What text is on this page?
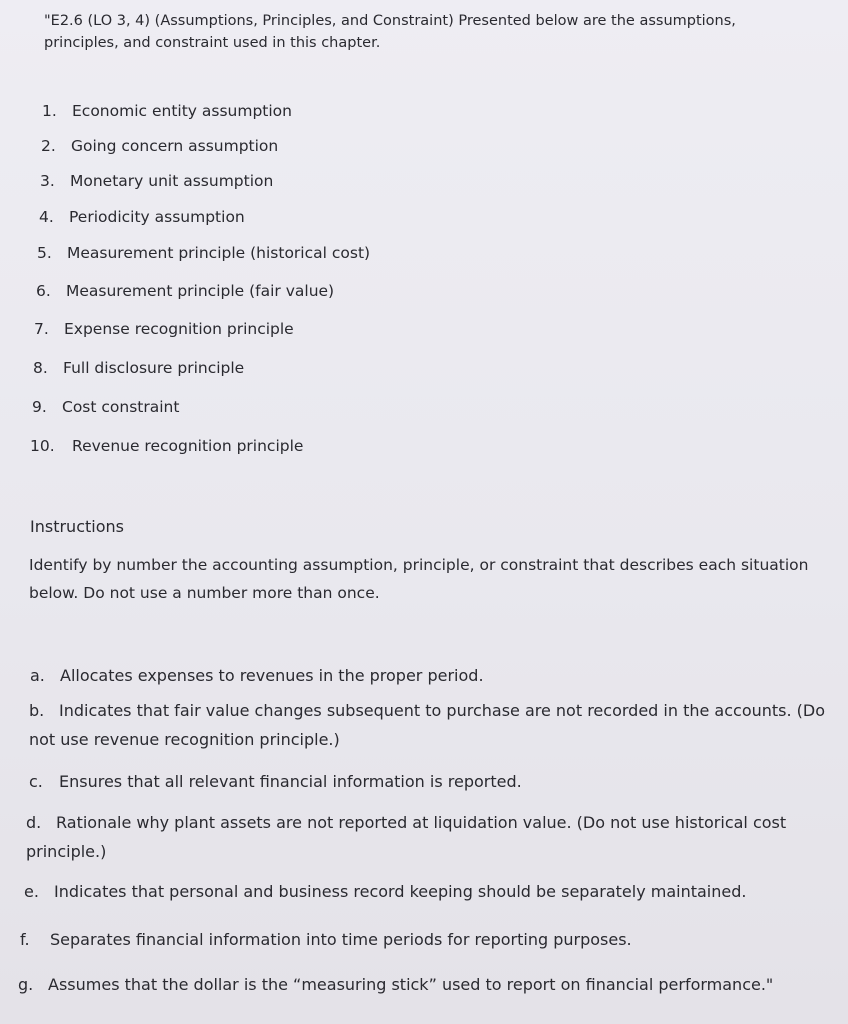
"E2.6 (LO 3, 4) (Assumptions, Principles, and Constraint) Presented below are the assumptions, principles, and constraint used in this chapter.
1. Economic entity assumption
2. Going concern assumption
3. Monetary unit assumption
4. Periodicity assumption
5. Measurement principle (historical cost)
6. Measurement principle (fair value)
7. Expense recognition principle
8. Full disclosure principle
9. Cost constraint
10. Revenue recognition principle
Instructions
Identify by number the accounting assumption, principle, or constraint that describes each situation below. Do not use a number more than once.
a. Allocates expenses to revenues in the proper period.
b. Indicates that fair value changes subsequent to purchase are not recorded in the accounts. (Do not use revenue recognition principle.)
c. Ensures that all relevant financial information is reported.
d. Rationale why plant assets are not reported at liquidation value. (Do not use historical cost principle.)
e. Indicates that personal and business record keeping should be separately maintained.
f. Separates financial information into time periods for reporting purposes.
g. Assumes that the dollar is the “measuring stick” used to report on financial performance."
